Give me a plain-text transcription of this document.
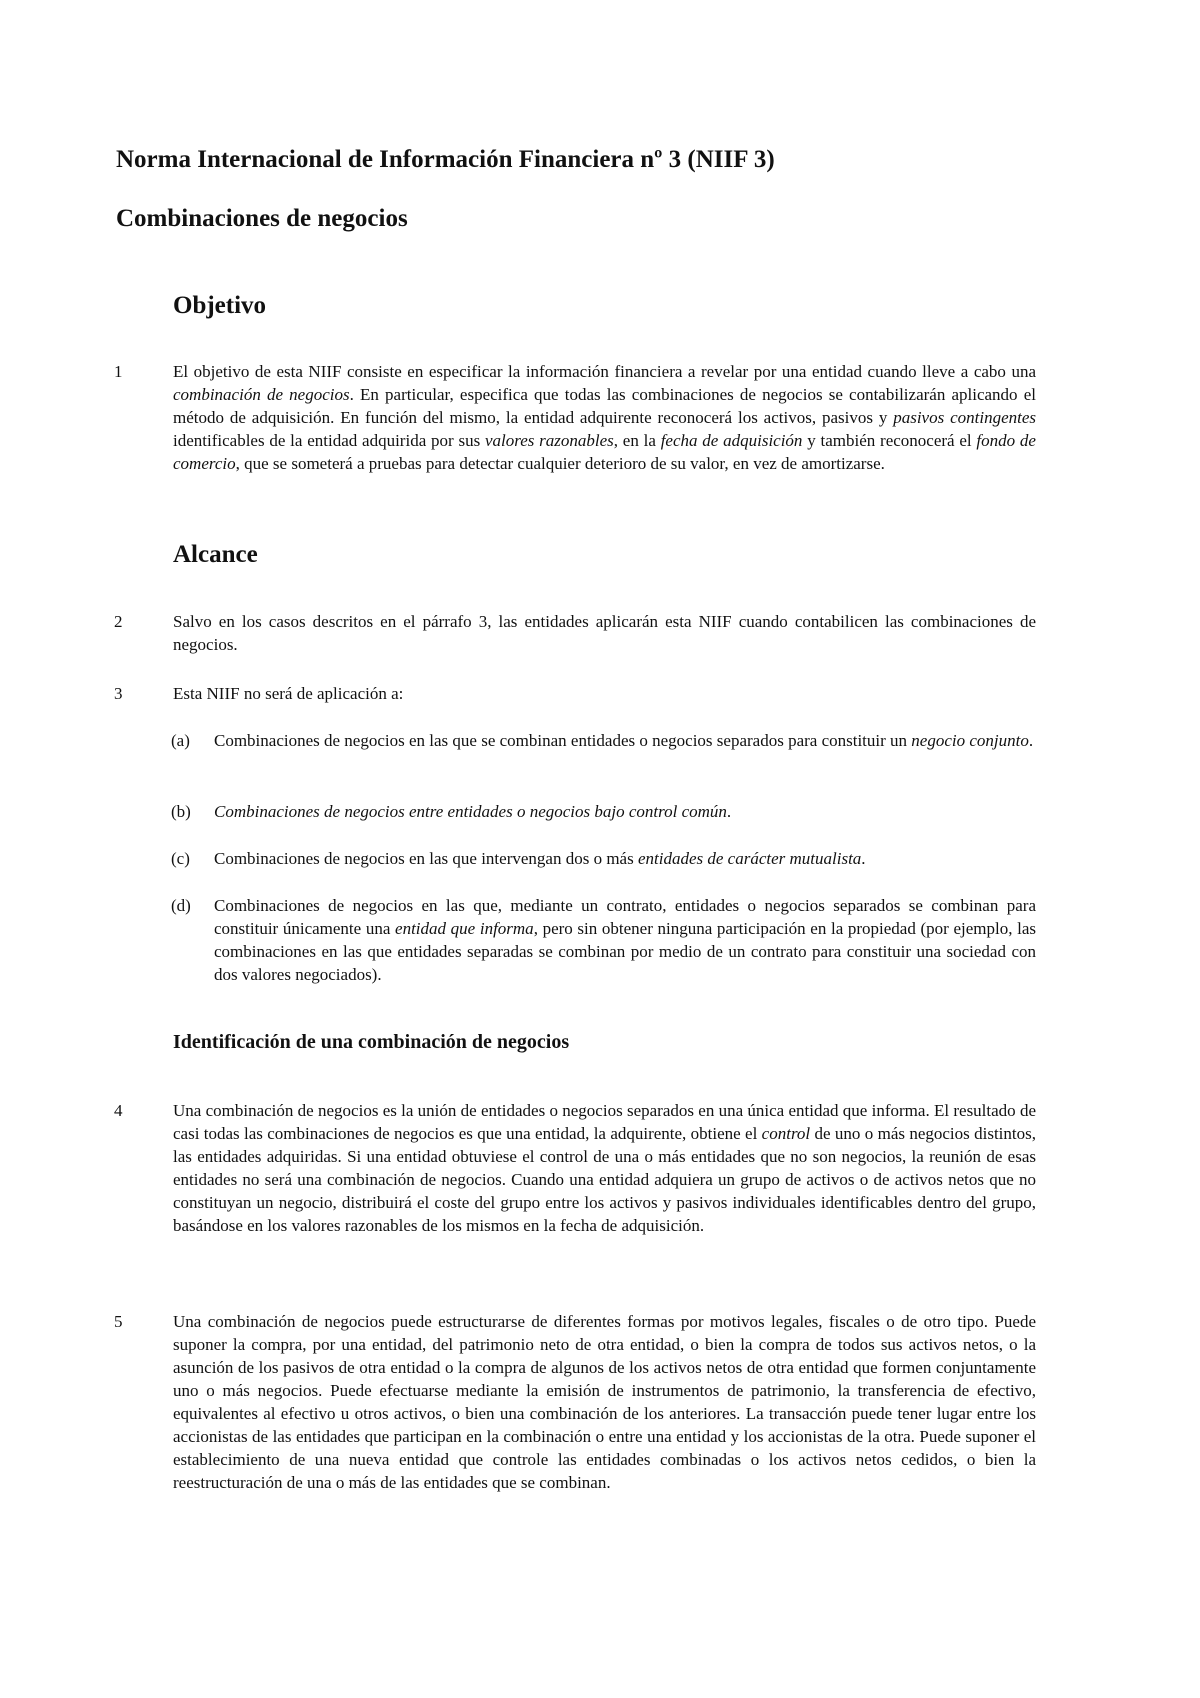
Norma Internacional de Información Financiera nº 3 (NIIF 3)
Combinaciones de negocios
Objetivo
1	El objetivo de esta NIIF consiste en especificar la información financiera a revelar por una entidad cuando lleve a cabo una combinación de negocios. En particular, especifica que todas las combinaciones de negocios se contabilizarán aplicando el método de adquisición. En función del mismo, la entidad adquirente reconocerá los activos, pasivos y pasivos contingentes identificables de la entidad adquirida por sus valores razonables, en la fecha de adquisición y también reconocerá el fondo de comercio, que se someterá a pruebas para detectar cualquier deterioro de su valor, en vez de amortizarse.
Alcance
2	Salvo en los casos descritos en el párrafo 3, las entidades aplicarán esta NIIF cuando contabilicen las combinaciones de negocios.
3	Esta NIIF no será de aplicación a:
(a)	Combinaciones de negocios en las que se combinan entidades o negocios separados para constituir un negocio conjunto.
(b)	Combinaciones de negocios entre entidades o negocios bajo control común.
(c)	Combinaciones de negocios en las que intervengan dos o más entidades de carácter mutualista.
(d)	Combinaciones de negocios en las que, mediante un contrato, entidades o negocios separados se combinan para constituir únicamente una entidad que informa, pero sin obtener ninguna participación en la propiedad (por ejemplo, las combinaciones en las que entidades separadas se combinan por medio de un contrato para constituir una sociedad con dos valores negociados).
Identificación de una combinación de negocios
4	Una combinación de negocios es la unión de entidades o negocios separados en una única entidad que informa. El resultado de casi todas las combinaciones de negocios es que una entidad, la adquirente, obtiene el control de uno o más negocios distintos, las entidades adquiridas. Si una entidad obtuviese el control de una o más entidades que no son negocios, la reunión de esas entidades no será una combinación de negocios. Cuando una entidad adquiera un grupo de activos o de activos netos que no constituyan un negocio, distribuirá el coste del grupo entre los activos y pasivos individuales identificables dentro del grupo, basándose en los valores razonables de los mismos en la fecha de adquisición.
5	Una combinación de negocios puede estructurarse de diferentes formas por motivos legales, fiscales o de otro tipo. Puede suponer la compra, por una entidad, del patrimonio neto de otra entidad, o bien la compra de todos sus activos netos, o la asunción de los pasivos de otra entidad o la compra de algunos de los activos netos de otra entidad que formen conjuntamente uno o más negocios. Puede efectuarse mediante la emisión de instrumentos de patrimonio, la transferencia de efectivo, equivalentes al efectivo u otros activos, o bien una combinación de los anteriores. La transacción puede tener lugar entre los accionistas de las entidades que participan en la combinación o entre una entidad y los accionistas de la otra. Puede suponer el establecimiento de una nueva entidad que controle las entidades combinadas o los activos netos cedidos, o bien la reestructuración de una o más de las entidades que se combinan.
